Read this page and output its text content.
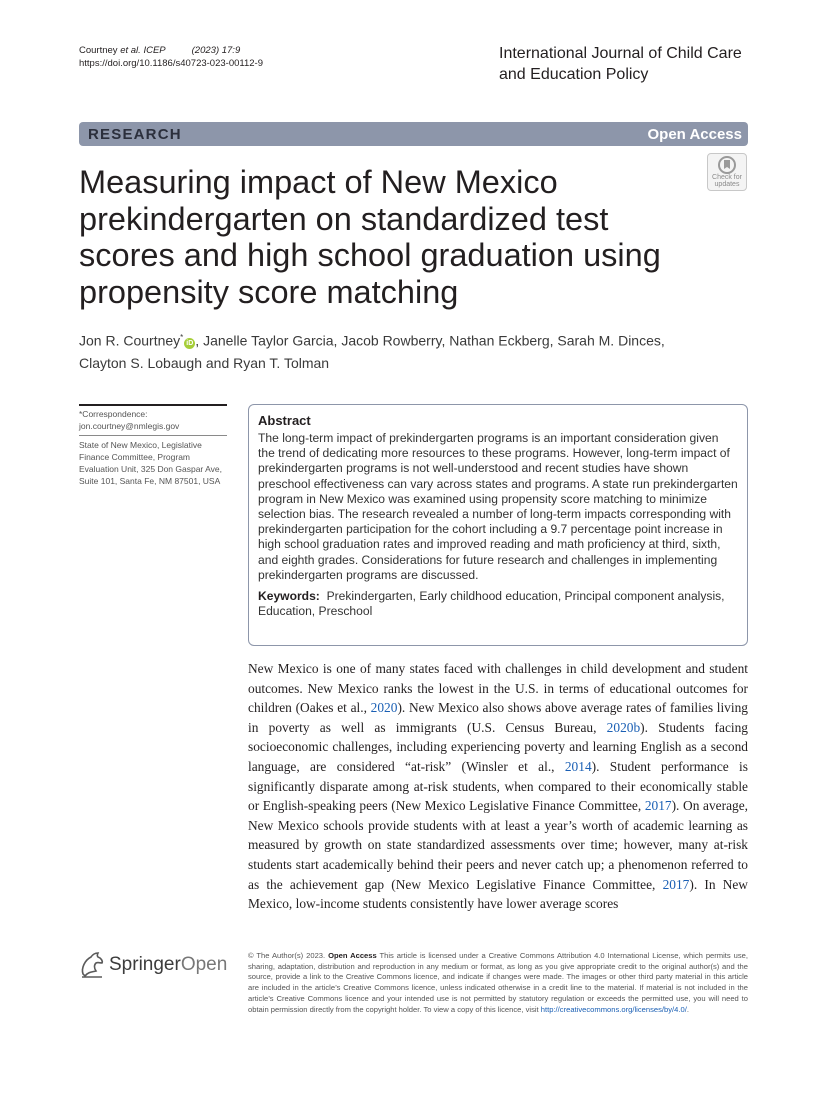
Courtney et al. ICEP	(2023) 17:9
https://doi.org/10.1186/s40723-023-00112-9
International Journal of Child Care and Education Policy
RESEARCH	Open Access
Check for
updates
Measuring impact of New Mexico prekindergarten on standardized test scores and high school graduation using propensity score matching
Jon R. Courtney*iD , Janelle Taylor Garcia, Jacob Rowberry, Nathan Eckberg, Sarah M. Dinces,
Clayton S. Lobaugh and Ryan T. Tolman
*Correspondence:
jon.courtney@nmlegis.gov
State of New Mexico, Legislative Finance Committee, Program Evaluation Unit, 325 Don Gaspar Ave, Suite 101, Santa Fe, NM 87501, USA
Abstract

The long-term impact of prekindergarten programs is an important consideration given the trend of dedicating more resources to these programs. However, long-term impact of prekindergarten programs is not well-understood and recent studies have shown preschool effectiveness can vary across states and programs. A state run prekindergarten program in New Mexico was examined using propensity score matching to minimize selection bias. The research revealed a number of long-term impacts corresponding with prekindergarten participation for the cohort including a 9.7 percentage point increase in high school graduation rates and improved reading and math proficiency at third, sixth, and eighth grades. Considerations for future research and challenges in implementing prekindergarten programs are discussed.

Keywords: Prekindergarten, Early childhood education, Principal component analysis, Education, Preschool

New Mexico is one of many states faced with challenges in child development and student outcomes. New Mexico ranks the lowest in the U.S. in terms of educational outcomes for children (Oakes et al., 2020). New Mexico also shows above average rates of families living in poverty as well as immigrants (U.S. Census Bureau, 2020b). Students facing socioeconomic challenges, including experiencing poverty and learning English as a second language, are considered “at-risk” (Winsler et al., 2014). Student performance is significantly disparate among at-risk students, when compared to their economically stable or English-speaking peers (New Mexico Legislative Finance Committee, 2017). On average, New Mexico schools provide students with at least a year’s worth of academic learning as measured by growth on state standardized assessments over time; however, many at-risk students start academically behind their peers and never catch up; a phenomenon referred to as the achievement gap (New Mexico Legislative Finance Committee, 2017). In New Mexico, low-income students consistently have lower average scores

SpringerOpen	© The Author(s) 2023. Open Access This article is licensed under a Creative Commons Attribution 4.0 International License, which permits use, sharing, adaptation, distribution and reproduction in any medium or format, as long as you give appropriate credit to the original author(s) and the source, provide a link to the Creative Commons licence, and indicate if changes were made. The images or other third party material in this article are included in the article’s Creative Commons licence, unless indicated otherwise in a credit line to the material. If material is not included in the article’s Creative Commons licence and your intended use is not permitted by statutory regulation or exceeds the permitted use, you will need to obtain permission directly from the copyright holder. To view a copy of this licence, visit http://creativecommons.org/licenses/by/4.0/.
